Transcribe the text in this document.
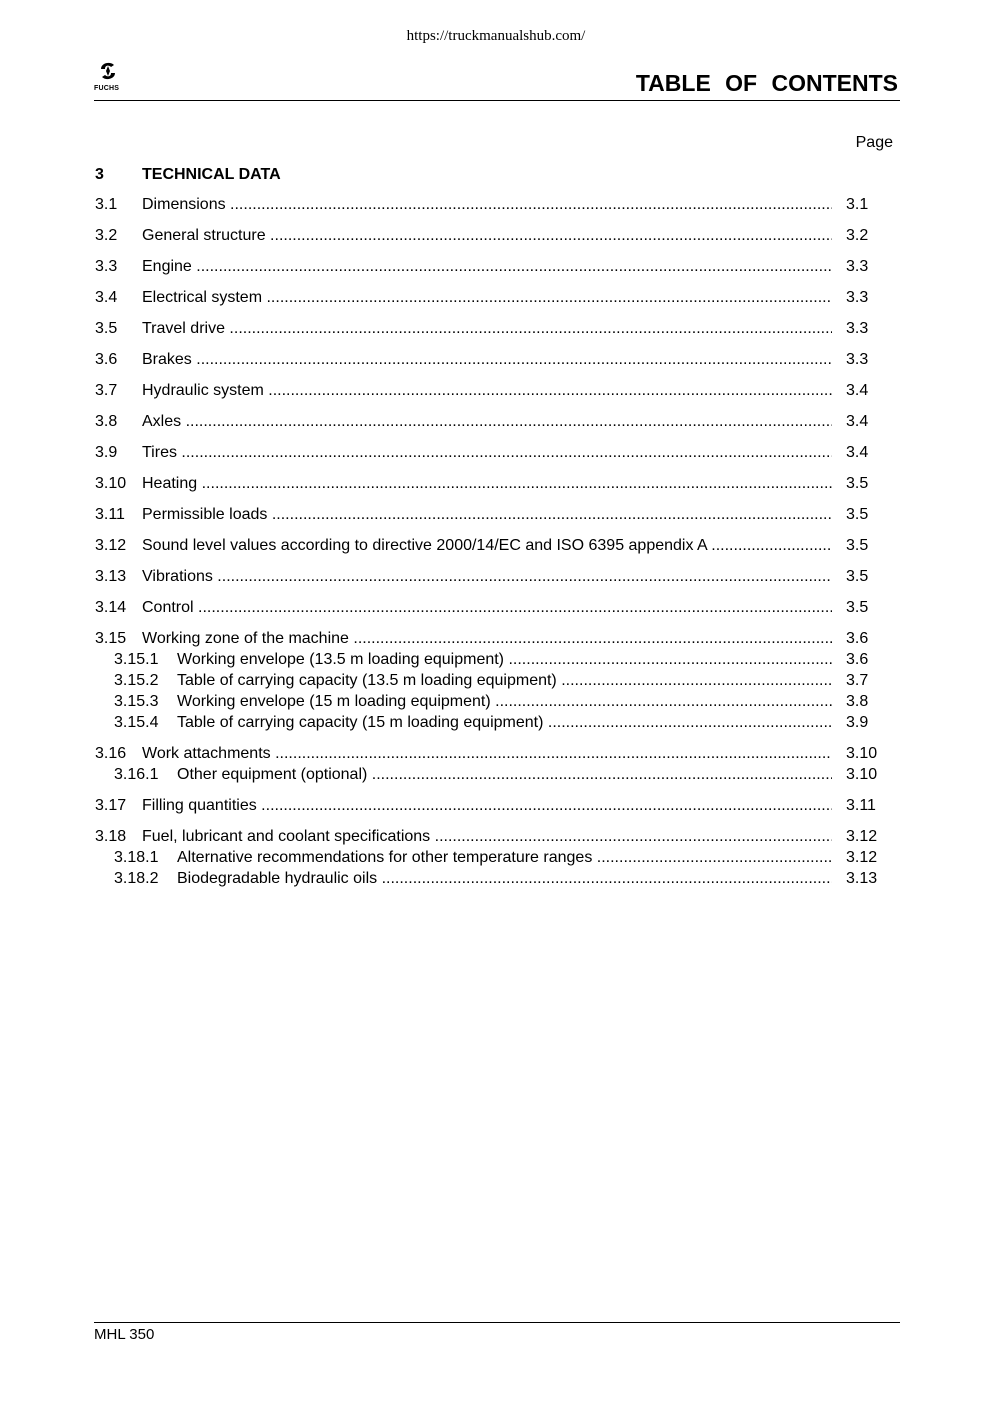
https://truckmanualshub.com/
FUCHS	TABLE OF CONTENTS
Page
3	TECHNICAL DATA
3.1	Dimensions .....	3.1
3.2	General structure .....	3.2
3.3	Engine .....	3.3
3.4	Electrical system .....	3.3
3.5	Travel drive .....	3.3
3.6	Brakes .....	3.3
3.7	Hydraulic system .....	3.4
3.8	Axles .....	3.4
3.9	Tires .....	3.4
3.10 Heating .....	3.5
3.11	Permissible loads .....	3.5
3.12 Sound level values according to directive 2000/14/EC and ISO 6395 appendix A .....	3.5
3.13 Vibrations .....	3.5
3.14 Control .....	3.5
3.15 Working zone of the machine .....	3.6
3.15.1	Working envelope (13.5 m loading equipment) .....	3.6
3.15.2	Table of carrying capacity (13.5 m loading equipment) .....	3.7
3.15.3	Working envelope (15 m loading equipment) .....	3.8
3.15.4	Table of carrying capacity (15 m loading equipment) .....	3.9
3.16 Work attachments .....	3.10
3.16.1	Other equipment (optional) .....	3.10
3.17 Filling quantities .....	3.11
3.18 Fuel, lubricant and coolant specifications .....	3.12
3.18.1	Alternative recommendations for other temperature ranges .....	3.12
3.18.2	Biodegradable hydraulic oils .....	3.13
MHL 350
